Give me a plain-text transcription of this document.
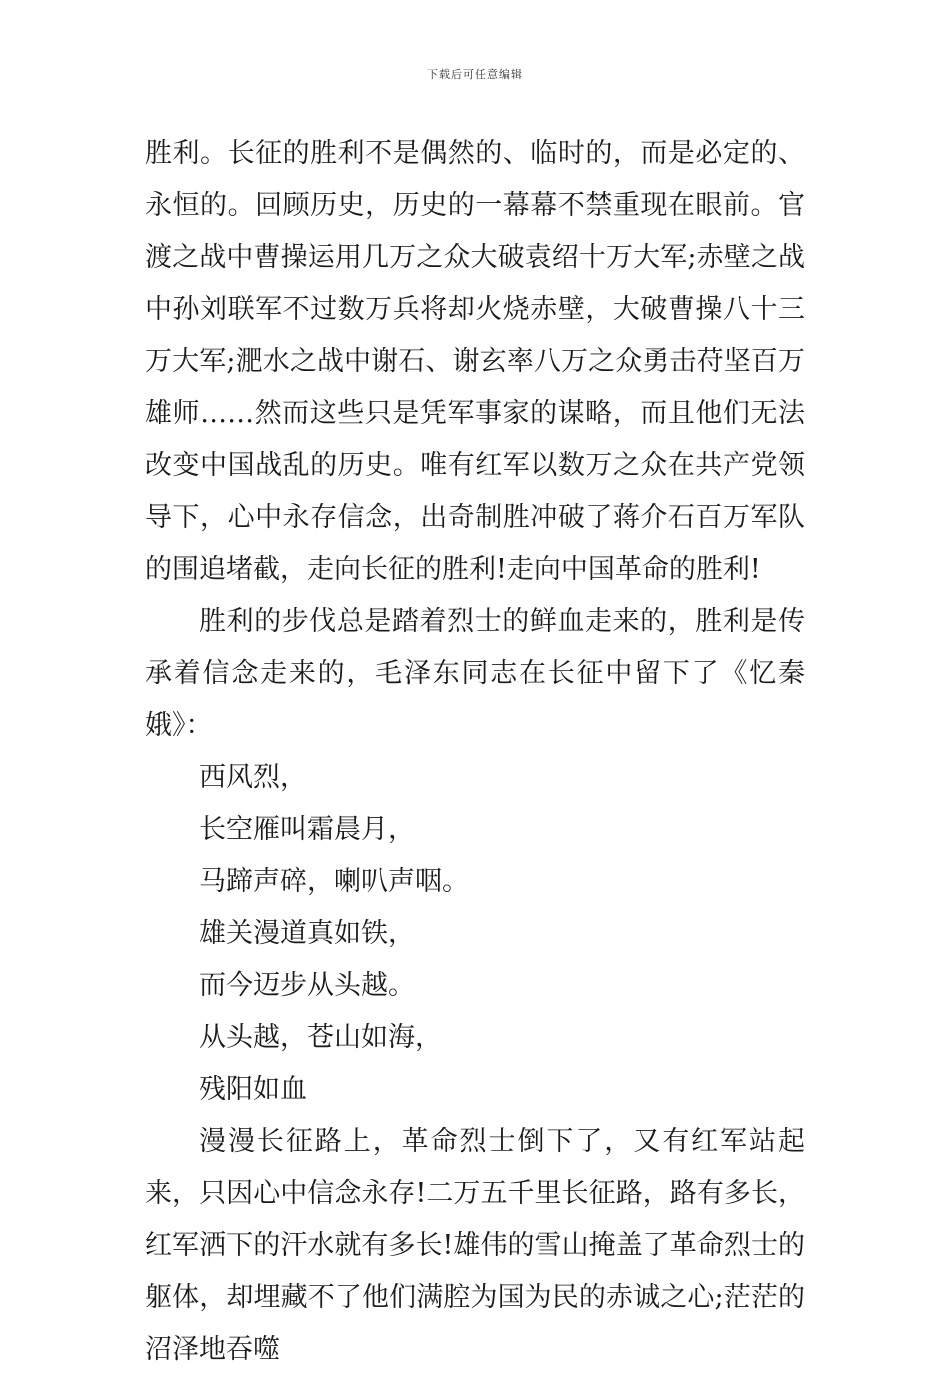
下载后可任意编辑

胜利。长征的胜利不是偶然的、临时的，而是必定的、永恒的。回顾历史，历史的一幕幕不禁重现在眼前。官渡之战中曹操运用几万之众大破袁绍十万大军;赤壁之战中孙刘联军不过数万兵将却火烧赤壁，大破曹操八十三万大军;淝水之战中谢石、谢玄率八万之众勇击苻坚百万雄师……然而这些只是凭军事家的谋略，而且他们无法改变中国战乱的历史。唯有红军以数万之众在共产党领导下，心中永存信念，出奇制胜冲破了蒋介石百万军队的围追堵截，走向长征的胜利!走向中国革命的胜利!

胜利的步伐总是踏着烈士的鲜血走来的，胜利是传承着信念走来的，毛泽东同志在长征中留下了《忆秦娥》：

西风烈，

长空雁叫霜晨月，

马蹄声碎，喇叭声咽。

雄关漫道真如铁，

而今迈步从头越。

从头越，苍山如海，

残阳如血

漫漫长征路上，革命烈士倒下了，又有红军站起来，只因心中信念永存!二万五千里长征路，路有多长，红军洒下的汗水就有多长!雄伟的雪山掩盖了革命烈士的躯体，却埋藏不了他们满腔为国为民的赤诚之心;茫茫的沼泽地吞噬
